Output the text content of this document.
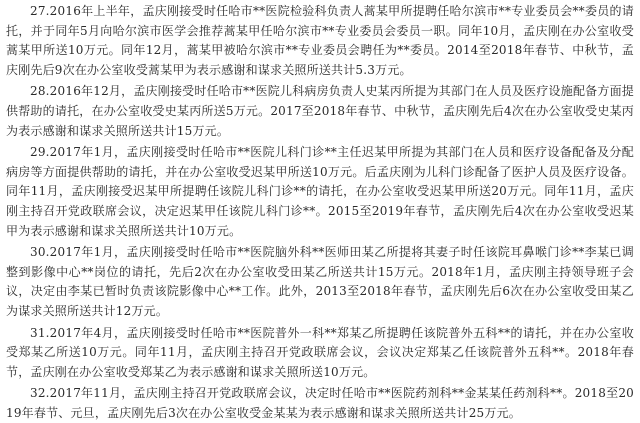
27.2016年上半年，孟庆刚接受时任哈市**医院检验科负责人蒿某甲所提聘任哈尔滨市**专业委员会**委员的请托，并于同年5月向哈尔滨市医学会推荐蒿某甲任哈尔滨市**专业委员会委员一职。同年10月，孟庆刚在办公室收受蒿某甲所送10万元。同年12月，蒿某甲被哈尔滨市**专业委员会聘任为**委员。2014至2018年春节、中秋节，孟庆刚先后9次在办公室收受蒿某甲为表示感谢和谋求关照所送共计5.3万元。

28.2016年12月，孟庆刚接受时任哈市**医院儿科病房负责人史某丙所提为其部门在人员及医疗设施配备方面提供帮助的请托，在办公室收受史某丙所送5万元。2017至2018年春节、中秋节，孟庆刚先后4次在办公室收受史某丙为表示感谢和谋求关照所送共计15万元。

29.2017年1月，孟庆刚接受时任哈市**医院儿科门诊**主任迟某甲所提为其部门在人员和医疗设备配备及分配病房等方面提供帮助的请托，并在办公室收受迟某甲所送10万元。后孟庆刚为儿科门诊配备了医护人员及医疗设备。同年11月，孟庆刚接受迟某甲所提聘任该院儿科门诊**的请托，在办公室收受迟某甲所送20万元。同年11月，孟庆刚主持召开党政联席会议，决定迟某甲任该院儿科门诊**。2015至2019年春节，孟庆刚先后4次在办公室收受迟某甲为表示感谢和谋求关照所送共计10万元。

30.2017年1月，孟庆刚接受时任哈市**医院脑外科**医师田某乙所提将其妻子时任该院耳鼻喉门诊**李某已调整到影像中心**岗位的请托，先后2次在办公室收受田某乙所送共计15万元。2018年1月，孟庆刚主持领导班子会议，决定由李某已暂时负责该院影像中心**工作。此外，2013至2018年春节，孟庆刚先后6次在办公室收受田某乙为谋求关照所送共计12万元。

31.2017年4月，孟庆刚接受时任哈市**医院普外一科**郑某乙所提聘任该院普外五科**的请托，并在办公室收受郑某乙所送10万元。同年11月，孟庆刚主持召开党政联席会议，会议决定郑某乙任该院普外五科**。2018年春节，孟庆刚在办公室收受郑某乙为表示感谢和谋求关照所送10万元。

32.2017年11月，孟庆刚主持召开党政联席会议，决定时任哈市**医院药剂科**金某某任药剂科**。2018至2019年春节、元旦，孟庆刚先后3次在办公室收受金某某为表示感谢和谋求关照所送共计25万元。
